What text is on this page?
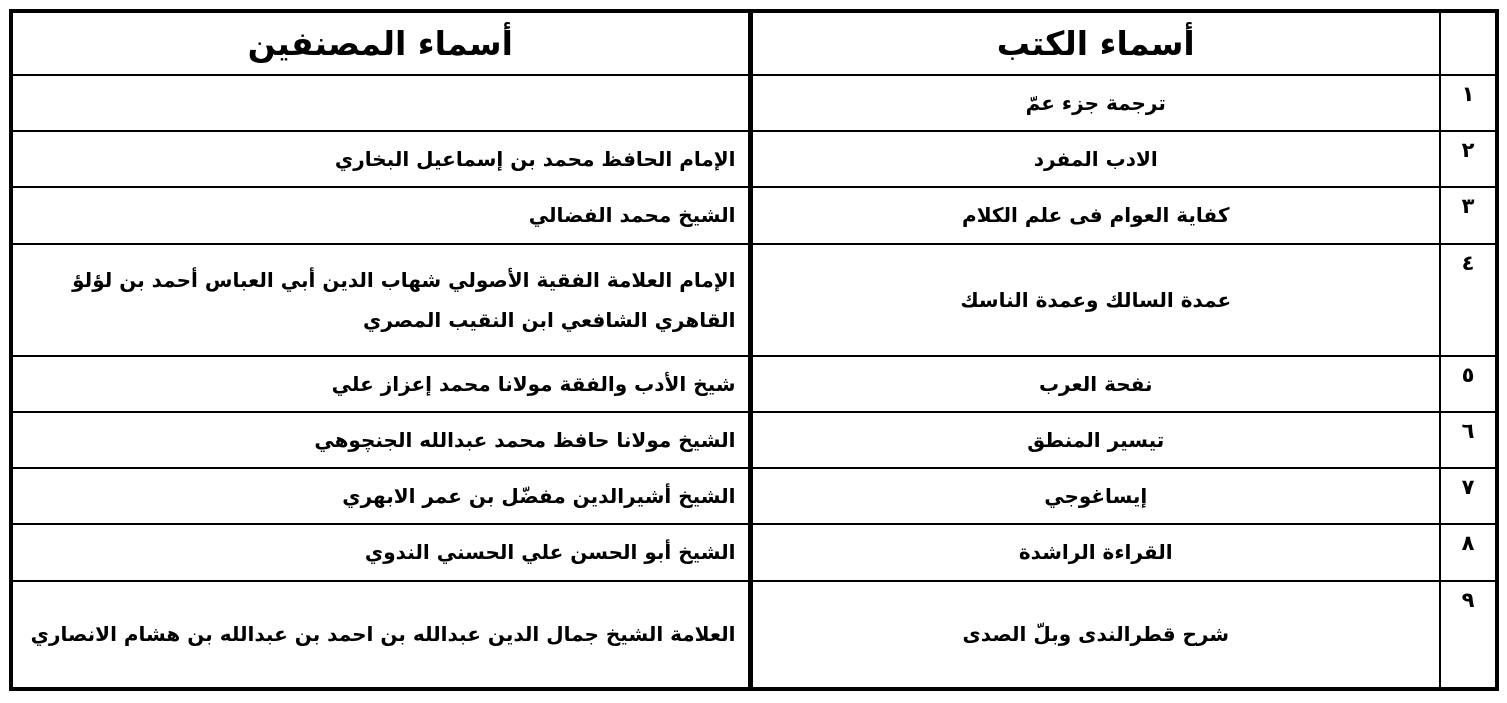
	أسماء الكتب	أسماء المصنفين
١	ترجمة جزء عمّ	

٢	الادب المفرد	الإمام الحافظ محمد بن إسماعيل البخاري

٣	كفاية العوام فى علم الكلام	الشيخ محمد الفضالي

٤	عمدة السالك وعمدة الناسك	الإمام العلامة الفقية الأصولي شهاب الدين أبي العباس أحمد بن لؤلؤ
القاهري الشافعي ابن النقيب المصري

٥	نفحة العرب	شيخ الأدب والفقة مولانا محمد إعزاز علي

٦	تيسير المنطق	الشيخ مولانا حافظ محمد عبدالله الجنچوهي

٧	إيساغوجي	الشيخ أشيرالدين مفضّل بن عمر الابهري

٨	القراءة الراشدة	الشيخ أبو الحسن علي الحسني الندوي

٩	شرح قطرالندى وبلّ الصدى	العلامة الشيخ جمال الدين عبدالله بن احمد بن عبدالله بن هشام الانصاري
